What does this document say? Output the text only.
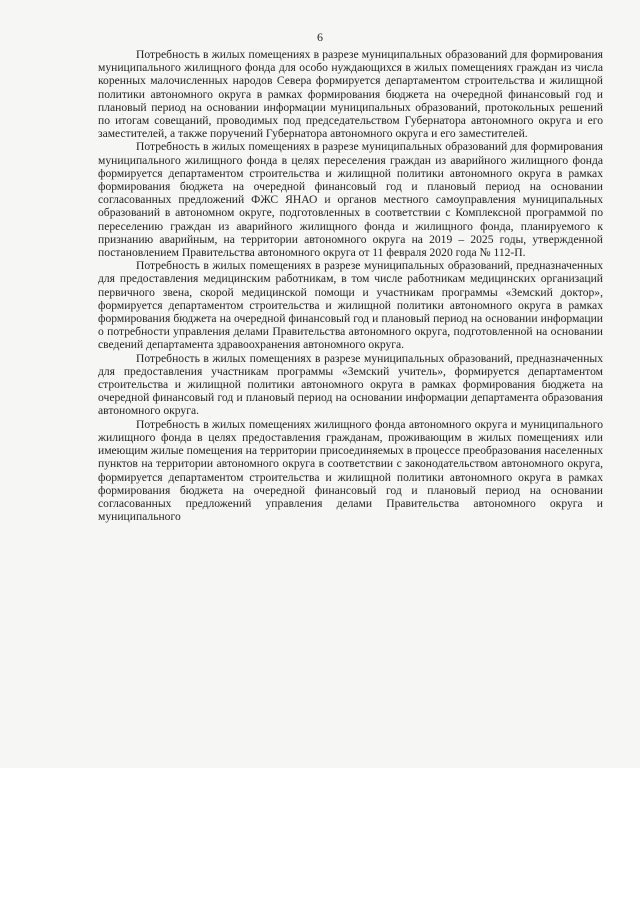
6

Потребность в жилых помещениях в разрезе муниципальных образований для формирования муниципального жилищного фонда для особо нуждающихся в жилых помещениях граждан из числа коренных малочисленных народов Севера формируется департаментом строительства и жилищной политики автономного округа в рамках формирования бюджета на очередной финансовый год и плановый период на основании информации муниципальных образований, протокольных решений по итогам совещаний, проводимых под председательством Губернатора автономного округа и его заместителей, а также поручений Губернатора автономного округа и его заместителей.

Потребность в жилых помещениях в разрезе муниципальных образований для формирования муниципального жилищного фонда в целях переселения граждан из аварийного жилищного фонда формируется департаментом строительства и жилищной политики автономного округа в рамках формирования бюджета на очередной финансовый год и плановый период на основании согласованных предложений ФЖС ЯНАО и органов местного самоуправления муниципальных образований в автономном округе, подготовленных в соответствии с Комплексной программой по переселению граждан из аварийного жилищного фонда и жилищного фонда, планируемого к признанию аварийным, на территории автономного округа на 2019 – 2025 годы, утвержденной постановлением Правительства автономного округа от 11 февраля 2020 года № 112-П.

Потребность в жилых помещениях в разрезе муниципальных образований, предназначенных для предоставления медицинским работникам, в том числе работникам медицинских организаций первичного звена, скорой медицинской помощи и участникам программы «Земский доктор», формируется департаментом строительства и жилищной политики автономного округа в рамках формирования бюджета на очередной финансовый год и плановый период на основании информации о потребности управления делами Правительства автономного округа, подготовленной на основании сведений департамента здравоохранения автономного округа.

Потребность в жилых помещениях в разрезе муниципальных образований, предназначенных для предоставления участникам программы «Земский учитель», формируется департаментом строительства и жилищной политики автономного округа в рамках формирования бюджета на очередной финансовый год и плановый период на основании информации департамента образования автономного округа.

Потребность в жилых помещениях жилищного фонда автономного округа и муниципального жилищного фонда в целях предоставления гражданам, проживающим в жилых помещениях или имеющим жилые помещения на территории присоединяемых в процессе преобразования населенных пунктов на территории автономного округа в соответствии с законодательством автономного округа, формируется департаментом строительства и жилищной политики автономного округа в рамках формирования бюджета на очередной финансовый год и плановый период на основании согласованных предложений управления делами Правительства автономного округа и муниципального
